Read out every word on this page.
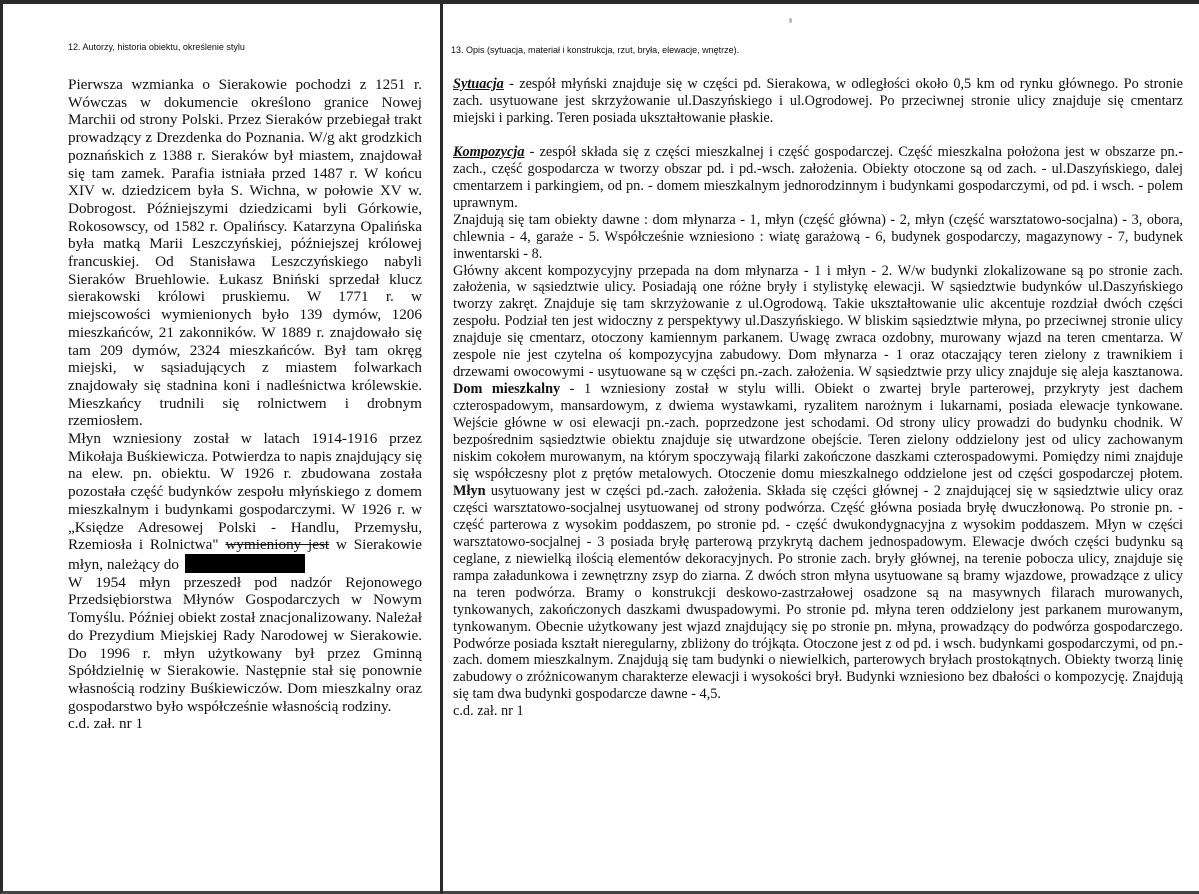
12. Autorzy, historia obiektu, określenie stylu	13. Opis (sytuacja, materiał i konstrukcja, rzut, bryła, elewacje, wnętrze).

Pierwsza wzmianka o Sierakowie pochodzi z 1251 r. Wówczas w dokumencie określono granice Nowej Marchii od strony Polski. Przez Sieraków przebiegał trakt prowadzący z Drezdenka do Poznania. W/g akt grodzkich poznańskich z 1388 r. Sieraków był miastem, znajdował się tam zamek. Parafia istniała przed 1487 r. W końcu XIV w. dziedzicem była S. Wichna, w połowie XV w. Dobrogost. Późniejszymi dziedzicami byli Górkowie, Rokosowscy, od 1582 r. Opalińscy. Katarzyna Opalińska była matką Marii Leszczyńskiej, późniejszej królowej francuskiej. Od Stanisława Leszczyńskiego nabyli Sieraków Bruehlowie. Łukasz Bniński sprzedał klucz sierakowski królowi pruskiemu. W 1771 r. w miejscowości wymienionych było 139 dymów, 1206 mieszkańców, 21 zakonników. W 1889 r. znajdowało się tam 209 dymów, 2324 mieszkańców. Był tam okręg miejski, w sąsiadujących z miastem folwarkach znajdowały się stadnina koni i nadleśnictwa królewskie. Mieszkańcy trudnili się rolnictwem i drobnym rzemiosłem.

Młyn wzniesiony został w latach 1914-1916 przez Mikołaja Buśkiewicza. Potwierdza to napis znajdujący się na elew. pn. obiektu. W 1926 r. zbudowana została pozostała część budynków zespołu młyńskiego z domem mieszkalnym i budynkami gospodarczymi. W 1926 r. w „Księdze Adresowej Polski - Handlu, Przemysłu, Rzemiosła i Rolnictwa" wymieniony jest w Sierakowie młyn, należący do

W 1954 młyn przeszedł pod nadzór Rejonowego Przedsiębiorstwa Młynów Gospodarczych w Nowym Tomyślu. Później obiekt został znacjonalizowany. Należał do Prezydium Miejskiej Rady Narodowej w Sierakowie. Do 1996 r. młyn użytkowany był przez Gminną Spółdzielnię w Sierakowie. Następnie stał się ponownie własnością rodziny Buśkiewiczów. Dom mieszkalny oraz gospodarstwo było współcześnie własnością rodziny.

c.d. zał. nr 1

Sytuacja - zespół młyński znajduje się w części pd. Sierakowa, w odległości około 0,5 km od rynku głównego. Po stronie zach. usytuowane jest skrzyżowanie ul.Daszyńskiego i ul.Ogrodowej. Po przeciwnej stronie ulicy znajduje się cmentarz miejski i parking. Teren posiada ukształtowanie płaskie.

Kompozycja - zespół składa się z części mieszkalnej i część gospodarczej. Część mieszkalna położona jest w obszarze pn.-zach., część gospodarcza w tworzy obszar pd. i pd.-wsch. założenia. Obiekty otoczone są od zach. - ul.Daszyńskiego, dalej cmentarzem i parkingiem, od pn. - domem mieszkalnym jednorodzinnym i budynkami gospodarczymi, od pd. i wsch. - polem uprawnym.

Znajdują się tam obiekty dawne : dom młynarza - 1, młyn (część główna) - 2, młyn (część warsztatowo-socjalna) - 3, obora, chlewnia - 4, garaże - 5. Współcześnie wzniesiono : wiatę garażową - 6, budynek gospodarczy, magazynowy - 7, budynek inwentarski - 8.

Główny akcent kompozycyjny przepada na dom młynarza - 1 i młyn - 2. W/w budynki zlokalizowane są po stronie zach. założenia, w sąsiedztwie ulicy. Posiadają one różne bryły i stylistykę elewacji. W sąsiedztwie budynków ul.Daszyńskiego tworzy zakręt. Znajduje się tam skrzyżowanie z ul.Ogrodową. Takie ukształtowanie ulic akcentuje rozdział dwóch części zespołu. Podział ten jest widoczny z perspektywy ul.Daszyńskiego. W bliskim sąsiedztwie młyna, po przeciwnej stronie ulicy znajduje się cmentarz, otoczony kamiennym parkanem. Uwagę zwraca ozdobny, murowany wjazd na teren cmentarza. W zespole nie jest czytelna oś kompozycyjna zabudowy. Dom młynarza - 1 oraz otaczający teren zielony z trawnikiem i drzewami owocowymi - usytuowane są w części pn.-zach. założenia. W sąsiedztwie przy ulicy znajduje się aleja kasztanowa. Dom mieszkalny - 1 wzniesiony został w stylu willi. Obiekt o zwartej bryle parterowej, przykryty jest dachem czterospadowym, mansardowym, z dwiema wystawkami, ryzalitem narożnym i lukarnami, posiada elewacje tynkowane. Wejście główne w osi elewacji pn.-zach. poprzedzone jest schodami. Od strony ulicy prowadzi do budynku chodnik. W bezpośrednim sąsiedztwie obiektu znajduje się utwardzone obejście. Teren zielony oddzielony jest od ulicy zachowanym niskim cokołem murowanym, na którym spoczywają filarki zakończone daszkami czterospadowymi. Pomiędzy nimi znajduje się współczesny plot z prętów metalowych. Otoczenie domu mieszkalnego oddzielone jest od części gospodarczej płotem. Młyn usytuowany jest w części pd.-zach. założenia. Składa się części głównej - 2 znajdującej się w sąsiedztwie ulicy oraz części warsztatowo-socjalnej usytuowanej od strony podwórza. Część główna posiada bryłę dwuczłonową. Po stronie pn. - część parterowa z wysokim poddaszem, po stronie pd. - część dwukondygnacyjna z wysokim poddaszem. Młyn w części warsztatowo-socjalnej - 3 posiada bryłę parterową przykrytą dachem jednospadowym. Elewacje dwóch części budynku są ceglane, z niewielką ilością elementów dekoracyjnych. Po stronie zach. bryły głównej, na terenie pobocza ulicy, znajduje się rampa załadunkowa i zewnętrzny zsyp do ziarna. Z dwóch stron młyna usytuowane są bramy wjazdowe, prowadzące z ulicy na teren podwórza. Bramy o konstrukcji deskowo-zastrzałowej osadzone są na masywnych filarach murowanych, tynkowanych, zakończonych daszkami dwuspadowymi. Po stronie pd. młyna teren oddzielony jest parkanem murowanym, tynkowanym. Obecnie użytkowany jest wjazd znajdujący się po stronie pn. młyna, prowadzący do podwórza gospodarczego. Podwórze posiada kształt nieregularny, zbliżony do trójkąta. Otoczone jest z od pd. i wsch. budynkami gospodarczymi, od pn.-zach. domem mieszkalnym. Znajdują się tam budynki o niewielkich, parterowych bryłach prostokątnych. Obiekty tworzą linię zabudowy o zróżnicowanym charakterze elewacji i wysokości brył. Budynki wzniesiono bez dbałości o kompozycję. Znajdują się tam dwa budynki gospodarcze dawne - 4,5.

c.d. zał. nr 1
